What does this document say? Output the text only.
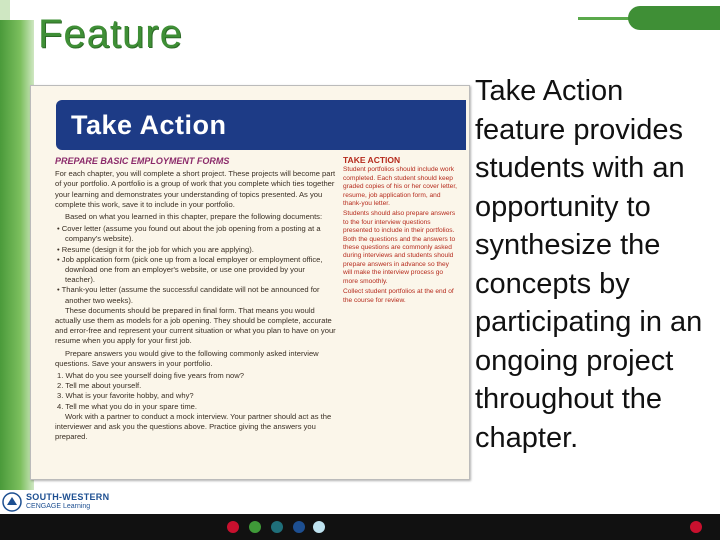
Feature
Take Action
PREPARE BASIC EMPLOYMENT FORMS

For each chapter, you will complete a short project. These projects will become part of your portfolio. A portfolio is a group of work that you complete which ties together your learning and demonstrates your understanding of topics presented. As you complete this work, save it to include in your portfolio.

Based on what you learned in this chapter, prepare the following documents:

• Cover letter (assume you found out about the job opening from a posting at a company's website).

• Resume (design it for the job for which you are applying).

• Job application form (pick one up from a local employer or employment office, download one from an employer's website, or use one provided by your teacher).

• Thank-you letter (assume the successful candidate will not be announced for another two weeks).

These documents should be prepared in final form. That means you would actually use them as models for a job opening. They should be complete, accurate and error-free and represent your current situation or what you plan to have on your resume when you apply for your first job.

Prepare answers you would give to the following commonly asked interview questions. Save your answers in your portfolio.

1. What do you see yourself doing five years from now?

2. Tell me about yourself.

3. What is your favorite hobby, and why?

4. Tell me what you do in your spare time.

Work with a partner to conduct a mock interview. Your partner should act as the interviewer and ask you the questions above. Practice giving the answers you prepared.

TAKE ACTION

Student portfolios should include work completed. Each student should keep graded copies of his or her cover letter, resume, job application form, and thank-you letter.

Students should also prepare answers to the four interview questions presented to include in their portfolios. Both the questions and the answers to these questions are commonly asked during interviews and students should prepare answers in advance so they will make the interview process go more smoothly.

Collect student portfolios at the end of the course for review.

Take Action feature provides students with an opportunity to synthesize the concepts by participating in an ongoing project throughout the chapter.
SOUTH-WESTERN
CENGAGE Learning
